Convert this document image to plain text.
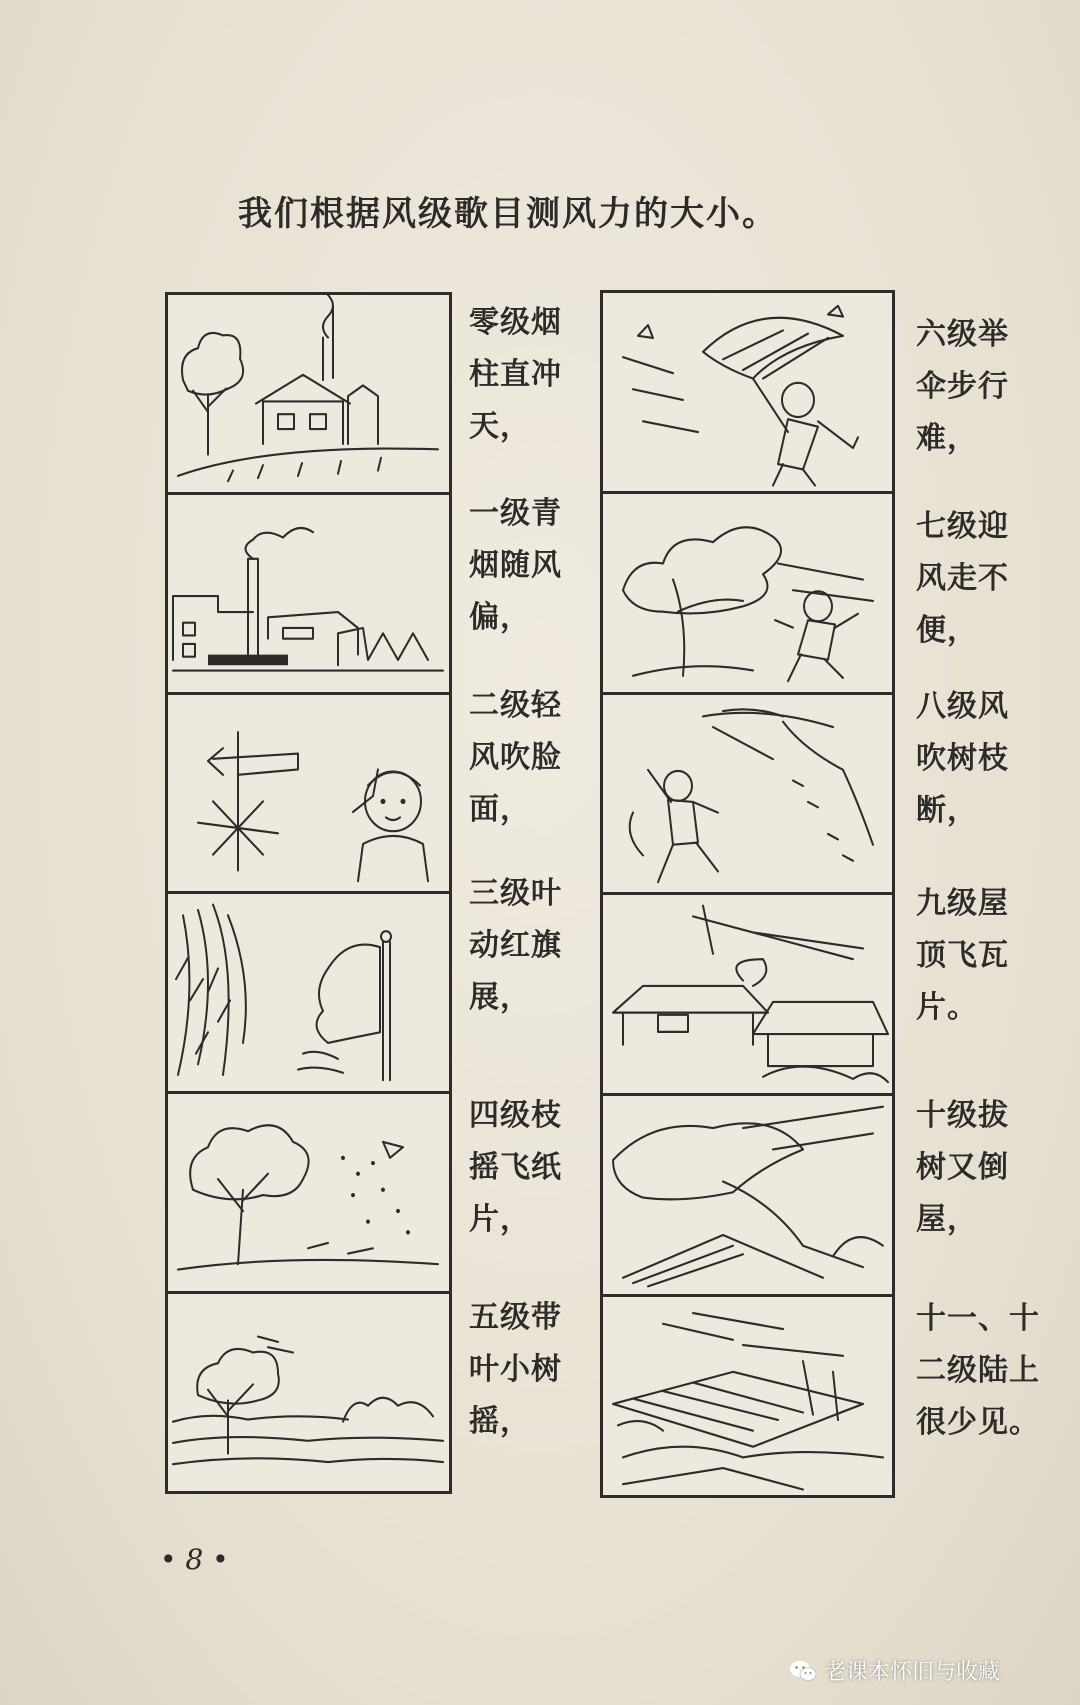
我们根据风级歌目测风力的大小。
零级烟
柱直冲
天，
一级青
烟随风
偏，
二级轻
风吹脸
面，
三级叶
动红旗
展，
四级枝
摇飞纸
片，
五级带
叶小树
摇，
六级举
伞步行
难，
七级迎
风走不
便，
八级风
吹树枝
断，
九级屋
顶飞瓦
片。
十级拔
树又倒
屋，
十一、十
二级陆上
很少见。
• 8 •
老课本怀旧与收藏
